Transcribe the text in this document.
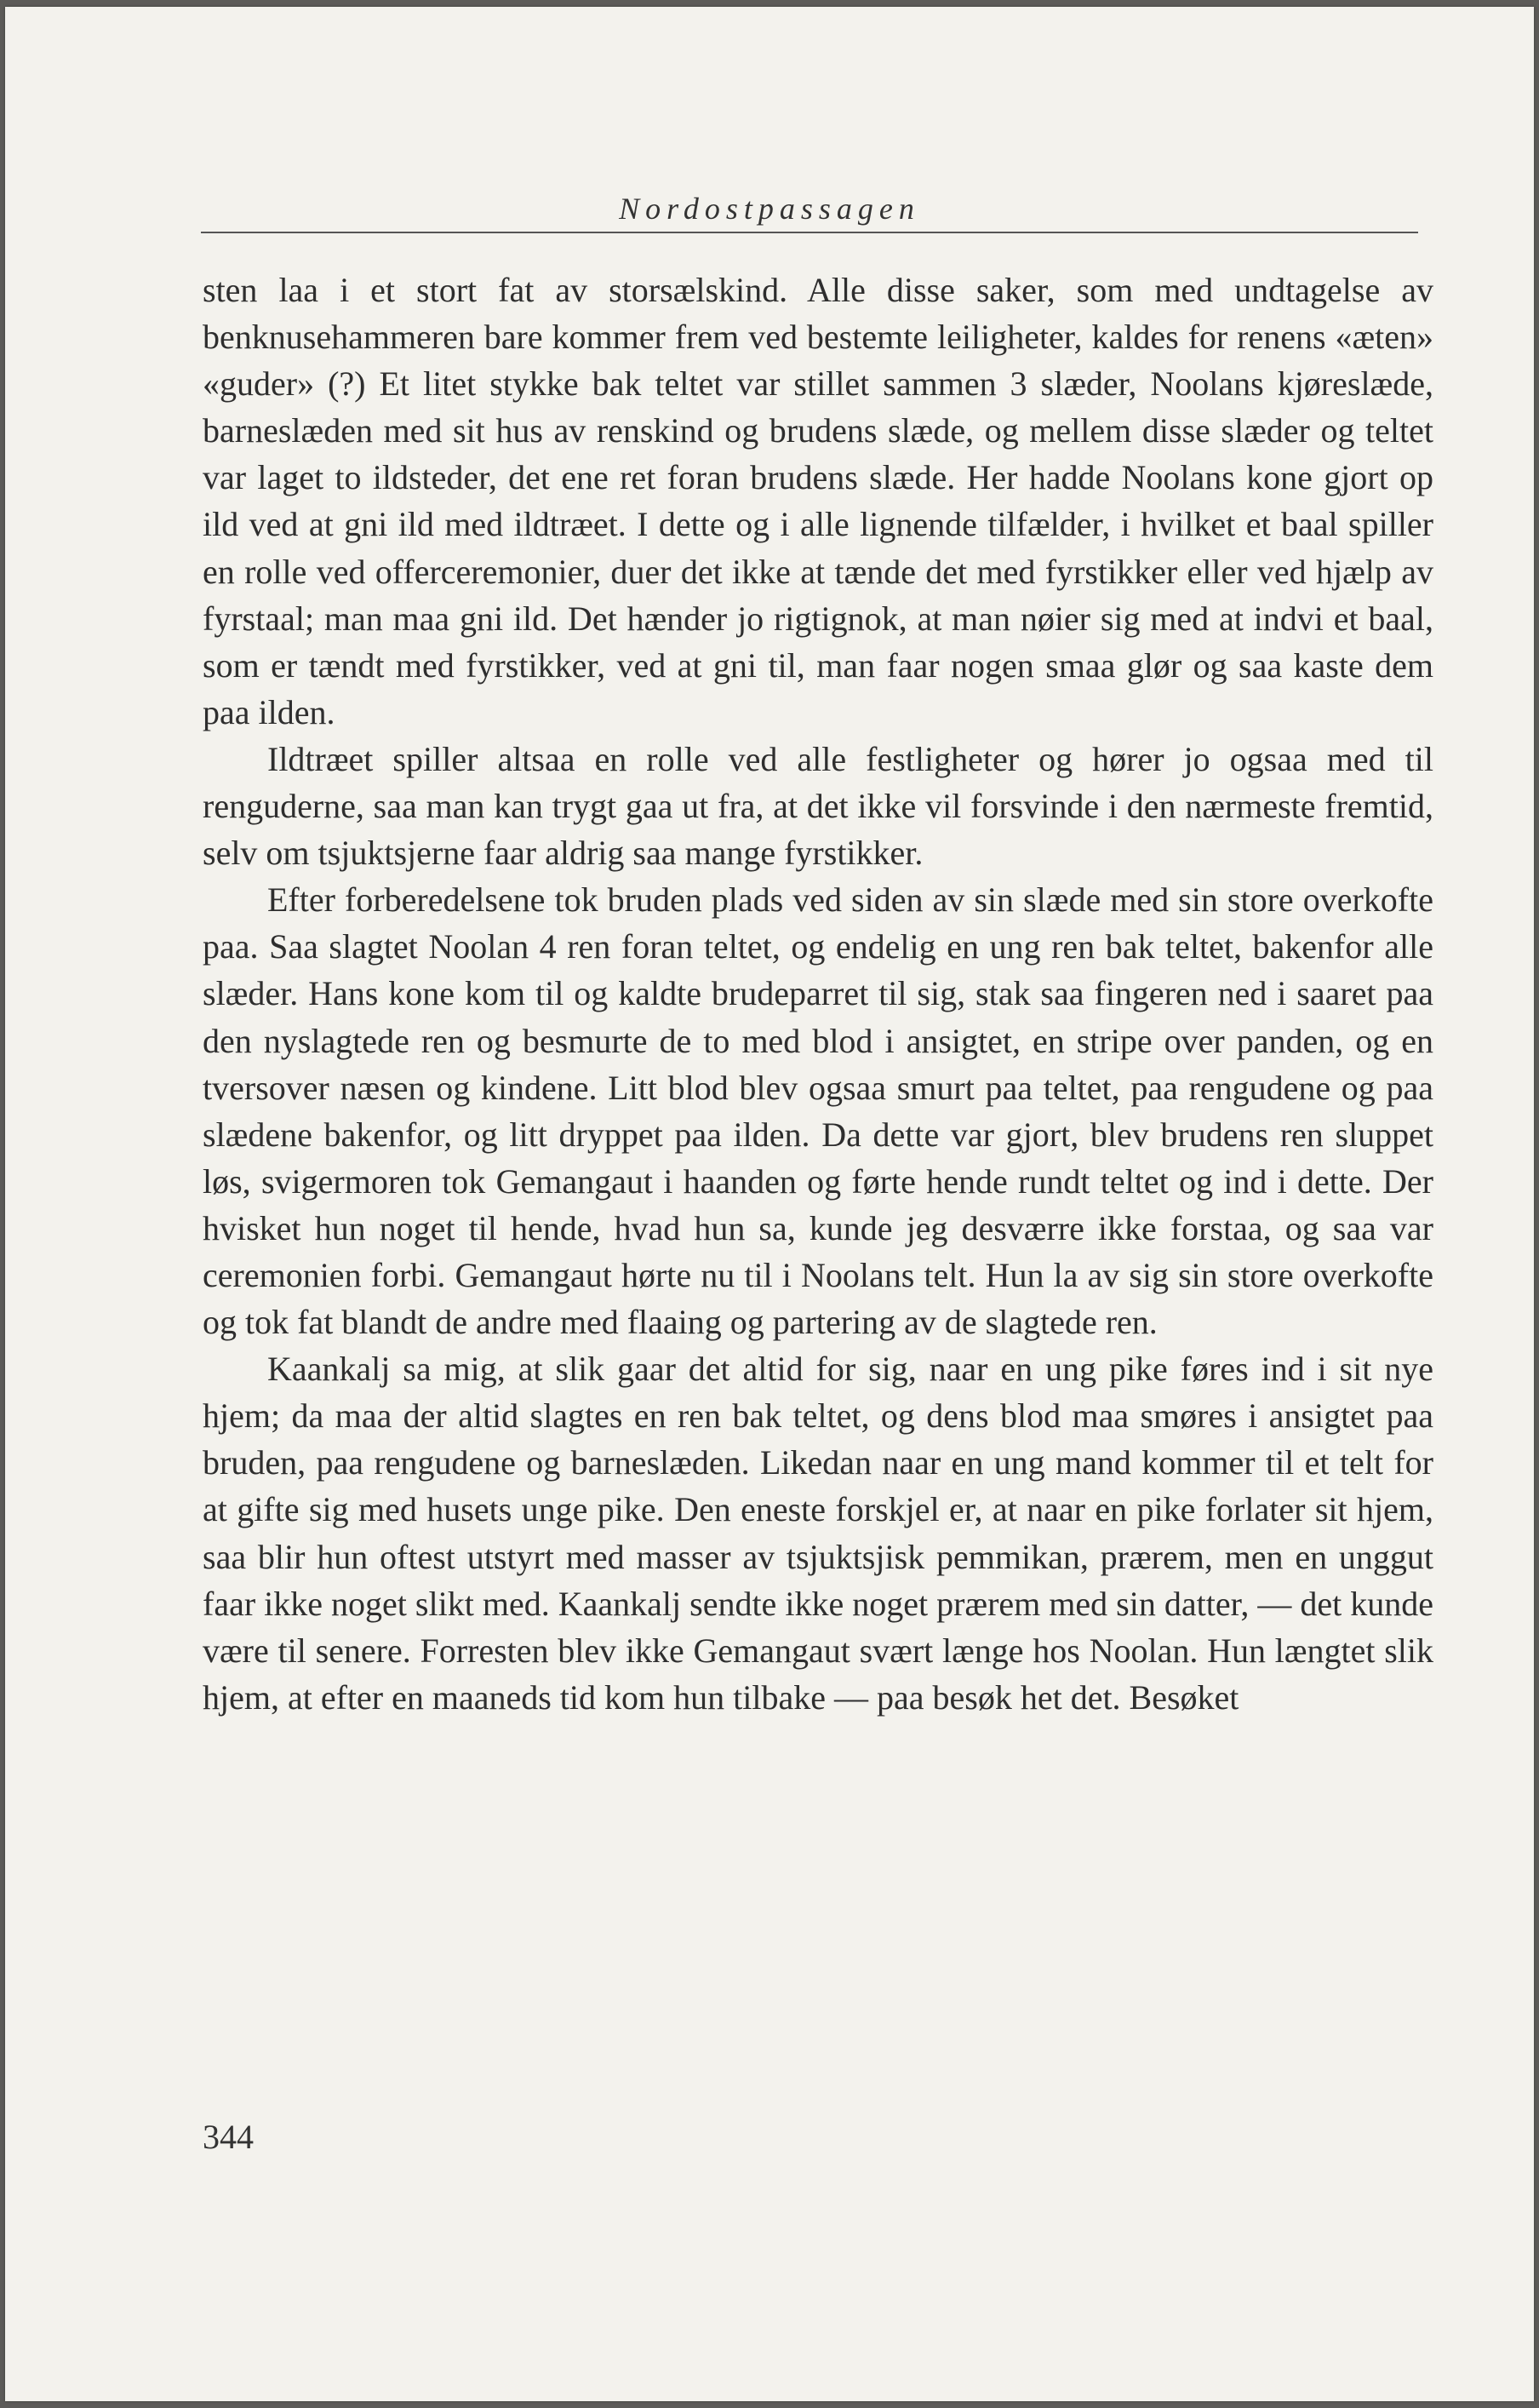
Nordostpassagen

sten laa i et stort fat av storsælskind. Alle disse saker, som med undtagelse av benknusehammeren bare kommer frem ved bestemte leiligheter, kaldes for renens «æten» «guder» (?) Et litet stykke bak teltet var stillet sammen 3 slæder, Noolans kjøreslæde, barneslæden med sit hus av renskind og brudens slæde, og mellem disse slæder og teltet var laget to ildsteder, det ene ret foran brudens slæde. Her hadde Noolans kone gjort op ild ved at gni ild med ildtræet. I dette og i alle lignende tilfælder, i hvilket et baal spiller en rolle ved offerceremonier, duer det ikke at tænde det med fyrstikker eller ved hjælp av fyrstaal; man maa gni ild. Det hænder jo rigtignok, at man nøier sig med at indvi et baal, som er tændt med fyrstikker, ved at gni til, man faar nogen smaa glør og saa kaste dem paa ilden.

Ildtræet spiller altsaa en rolle ved alle festligheter og hører jo ogsaa med til renguderne, saa man kan trygt gaa ut fra, at det ikke vil forsvinde i den nærmeste fremtid, selv om tsjuktsjerne faar aldrig saa mange fyrstikker.

Efter forberedelsene tok bruden plads ved siden av sin slæde med sin store overkofte paa. Saa slagtet Noolan 4 ren foran teltet, og endelig en ung ren bak teltet, bakenfor alle slæder. Hans kone kom til og kaldte brudeparret til sig, stak saa fingeren ned i saaret paa den nyslagtede ren og besmurte de to med blod i ansigtet, en stripe over panden, og en tversover næsen og kindene. Litt blod blev ogsaa smurt paa teltet, paa rengudene og paa slædene bakenfor, og litt dryppet paa ilden. Da dette var gjort, blev brudens ren sluppet løs, svigermoren tok Gemangaut i haanden og førte hende rundt teltet og ind i dette. Der hvisket hun noget til hende, hvad hun sa, kunde jeg desværre ikke forstaa, og saa var ceremonien forbi. Gemangaut hørte nu til i Noolans telt. Hun la av sig sin store overkofte og tok fat blandt de andre med flaaing og partering av de slagtede ren.

Kaankalj sa mig, at slik gaar det altid for sig, naar en ung pike føres ind i sit nye hjem; da maa der altid slagtes en ren bak teltet, og dens blod maa smøres i ansigtet paa bruden, paa rengudene og barneslæden. Likedan naar en ung mand kommer til et telt for at gifte sig med husets unge pike. Den eneste forskjel er, at naar en pike forlater sit hjem, saa blir hun oftest utstyrt med masser av tsjuktsjisk pemmikan, prærem, men en unggut faar ikke noget slikt med. Kaankalj sendte ikke noget prærem med sin datter, — det kunde være til senere. Forresten blev ikke Gemangaut svært længe hos Noolan. Hun længtet slik hjem, at efter en maaneds tid kom hun tilbake — paa besøk het det. Besøket

344
